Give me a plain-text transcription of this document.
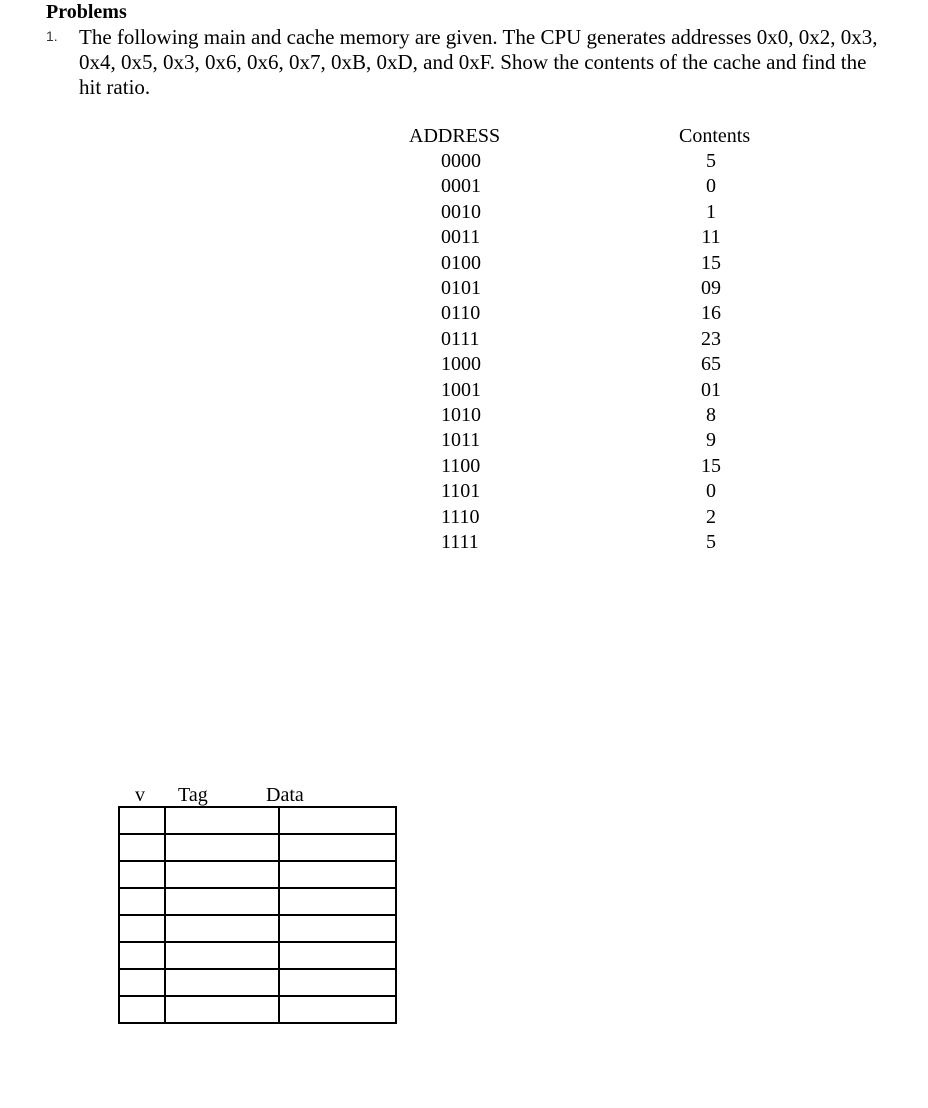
Problems
1. The following main and cache memory are given. The CPU generates addresses 0x0, 0x2, 0x3, 0x4, 0x5, 0x3, 0x6, 0x6, 0x7, 0xB, 0xD, and 0xF. Show the contents of the cache and find the hit ratio.
ADDRESS	Contents
0000	5
0001	0
0010	1
0011	11
0100	15
0101	09
0110	16
0111	23
1000	65
1001	01
1010	8
1011	9
1100	15
1101	0
1110	2
1111	5
v Tag	Data
